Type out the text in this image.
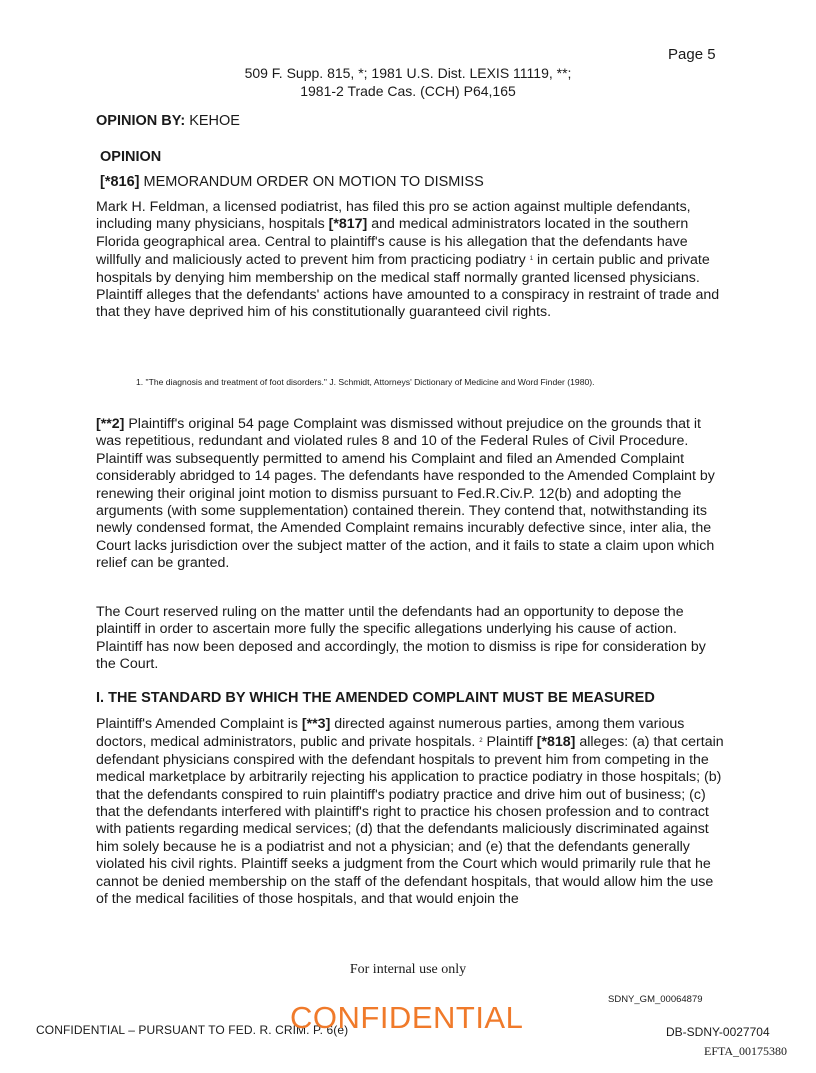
Page 5
509 F. Supp. 815, *; 1981 U.S. Dist. LEXIS 11119, **;
1981-2 Trade Cas. (CCH) P64,165
OPINION BY: KEHOE
OPINION
[*816] MEMORANDUM ORDER ON MOTION TO DISMISS

Mark H. Feldman, a licensed podiatrist, has filed this pro se action against multiple defendants, including many physicians, hospitals [*817] and medical administrators located in the southern Florida geographical area. Central to plaintiff's cause is his allegation that the defendants have willfully and maliciously acted to prevent him from practicing podiatry $^1$ in certain public and private hospitals by denying him membership on the medical staff normally granted licensed physicians. Plaintiff alleges that the defendants' actions have amounted to a conspiracy in restraint of trade and that they have deprived him of his constitutionally guaranteed civil rights.

1. "The diagnosis and treatment of foot disorders." J. Schmidt, Attorneys' Dictionary of Medicine and Word Finder (1980).

[**2] Plaintiff's original 54 page Complaint was dismissed without prejudice on the grounds that it was repetitious, redundant and violated rules 8 and 10 of the Federal Rules of Civil Procedure. Plaintiff was subsequently permitted to amend his Complaint and filed an Amended Complaint considerably abridged to 14 pages. The defendants have responded to the Amended Complaint by renewing their original joint motion to dismiss pursuant to Fed.R.Civ.P. 12(b) and adopting the arguments (with some supplementation) contained therein. They contend that, notwithstanding its newly condensed format, the Amended Complaint remains incurably defective since, inter alia, the Court lacks jurisdiction over the subject matter of the action, and it fails to state a claim upon which relief can be granted.

The Court reserved ruling on the matter until the defendants had an opportunity to depose the plaintiff in order to ascertain more fully the specific allegations underlying his cause of action. Plaintiff has now been deposed and accordingly, the motion to dismiss is ripe for consideration by the Court.

I. THE STANDARD BY WHICH THE AMENDED COMPLAINT MUST BE MEASURED

Plaintiff's Amended Complaint is [**3] directed against numerous parties, among them various doctors, medical administrators, public and private hospitals. $^2$ Plaintiff [*818] alleges: (a) that certain defendant physicians conspired with the defendant hospitals to prevent him from competing in the medical marketplace by arbitrarily rejecting his application to practice podiatry in those hospitals; (b) that the defendants conspired to ruin plaintiff's podiatry practice and drive him out of business; (c) that the defendants interfered with plaintiff's right to practice his chosen profession and to contract with patients regarding medical services; (d) that the defendants maliciously discriminated against him solely because he is a podiatrist and not a physician; and (e) that the defendants generally violated his civil rights. Plaintiff seeks a judgment from the Court which would primarily rule that he cannot be denied membership on the staff of the defendant hospitals, that would allow him the use of the medical facilities of those hospitals, and that would enjoin the

For internal use only
SDNY_GM_00064879
CONFIDENTIAL – PURSUANT TO FED. R. CRIM. P. 6(e)
CONFIDENTIAL	DB-SDNY-0027704
EFTA_00175380
